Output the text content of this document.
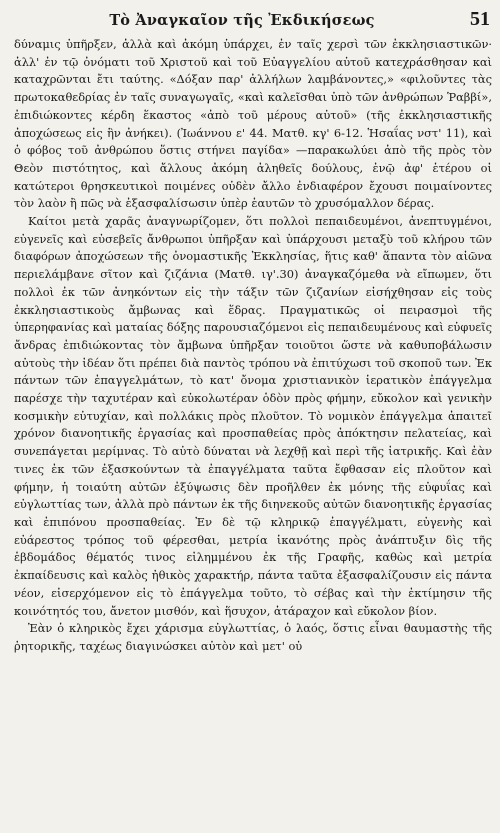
Τὸ Ἀναγκαῖον τῆς Ἐκδικήσεως	51

δύναμις ὑπῆρξεν, ἀλλὰ καὶ ἀκόμη ὑπάρχει, ἐν ταῖς χερσὶ τῶν ἐκκλησιαστικῶν· ἀλλ' ἐν τῷ ὀνόματι τοῦ Χριστοῦ καὶ τοῦ Εὐαγγελίου αὐτοῦ κατεχράσθησαν καὶ καταχρῶνται ἔτι ταύτης. «Δόξαν παρ' ἀλλήλων λαμβάνοντες,» «φιλοῦντες τὰς πρωτοκαθεδρίας ἐν ταῖς συναγωγαῖς, «καὶ καλεῖσθαι ὑπὸ τῶν ἀνθρώπων Ῥαββί», ἐπιδιώκοντες κέρδη ἕκαστος «ἀπὸ τοῦ μέρους αὐτοῦ» (τῆς ἐκκλησιαστικῆς ἀποχώσεως εἰς ἣν ἀνήκει). (Ἰωάννου ε' 44. Ματθ. κγ' 6-12. Ἡσαΐας νστ' 11), καὶ ὁ φόβος τοῦ ἀνθρώπου ὅστις στήνει παγίδα» —παρακωλύει ἀπὸ τῆς πρὸς τὸν Θεὸν πιστότητος, καὶ ἄλλους ἀκόμη ἀληθεῖς δούλους, ἐνῷ ἀφ' ἑτέρου οἱ κατώτεροι θρησκευτικοὶ ποιμένες οὐδὲν ἄλλο ἐνδιαφέρον ἔχουσι ποιμαίνοντες τὸν λαὸν ἢ πῶς νὰ ἐξασφαλίσωσιν ὑπὲρ ἑαυτῶν τὸ χρυσόμαλλον δέρας.

Καίτοι μετὰ χαρᾶς ἀναγνωρίζομεν, ὅτι πολλοὶ πεπαιδευμένοι, ἀνεπτυγμένοι, εὐγενεῖς καὶ εὐσεβεῖς ἄνθρωποι ὑπῆρξαν καὶ ὑπάρχουσι μεταξὺ τοῦ κλήρου τῶν διαφόρων ἀποχώσεων τῆς ὀνομαστικῆς Ἐκκλησίας, ἥτις καθ' ἅπαντα τὸν αἰῶνα περιελάμβανε σῖτον καὶ ζιζάνια (Ματθ. ιγ'.30) ἀναγκαζόμεθα νὰ εἴπωμεν, ὅτι πολλοὶ ἐκ τῶν ἀνηκόντων εἰς τὴν τάξιν τῶν ζιζανίων εἰσήχθησαν εἰς τοὺς ἐκκλησιαστικοὺς ἄμβωνας καὶ ἕδρας. Πραγματικῶς οἱ πειρασμοὶ τῆς ὑπερηφανίας καὶ ματαίας δόξης παρουσιαζόμενοι εἰς πεπαιδευμένους καὶ εὐφυεῖς ἄνδρας ἐπιδιώκοντας τὸν ἄμβωνα ὑπῆρξαν τοιοῦτοι ὥστε νὰ καθυποβάλωσιν αὐτοὺς τὴν ἰδέαν ὅτι πρέπει διὰ παντὸς τρόπου νὰ ἐπιτύχωσι τοῦ σκοποῦ των. Ἐκ πάντων τῶν ἐπαγγελμάτων, τὸ κατ' ὄνομα χριστιανικὸν ἱερατικὸν ἐπάγγελμα παρέσχε τὴν ταχυτέραν καὶ εὐκολωτέραν ὁδὸν πρὸς φήμην, εὔκολον καὶ γενικὴν κοσμικὴν εὐτυχίαν, καὶ πολλάκις πρὸς πλοῦτον. Τὸ νομικὸν ἐπάγγελμα ἀπαιτεῖ χρόνον διανοητικῆς ἐργασίας καὶ προσπαθείας πρὸς ἀπόκτησιν πελατείας, καὶ συνεπάγεται μερίμνας. Τὸ αὐτὸ δύναται νὰ λεχθῇ καὶ περὶ τῆς ἰατρικῆς. Καὶ ἐὰν τινες ἐκ τῶν ἐξασκούντων τὰ ἐπαγγέλματα ταῦτα ἔφθασαν εἰς πλοῦτον καὶ φήμην, ἡ τοιαύτη αὐτῶν ἐξύψωσις δὲν προῆλθεν ἐκ μόνης τῆς εὐφυΐας καὶ εὐγλωττίας των, ἀλλὰ πρὸ πάντων ἐκ τῆς διηνεκοῦς αὐτῶν διανοητικῆς ἐργασίας καὶ ἐπιπόνου προσπαθείας. Ἐν δὲ τῷ κληρικῷ ἐπαγγέλματι, εὐγενὴς καὶ εὐάρεστος τρόπος τοῦ φέρεσθαι, μετρία ἱκανότης πρὸς ἀνάπτυξιν δὶς τῆς ἑβδομάδος θέματός τινος εἰλημμένου ἐκ τῆς Γραφῆς, καθὼς καὶ μετρία ἐκπαίδευσις καὶ καλὸς ἠθικὸς χαρακτήρ, πάντα ταῦτα ἐξασφαλίζουσιν εἰς πάντα νέον, εἰσερχόμενον εἰς τὸ ἐπάγγελμα τοῦτο, τὸ σέβας καὶ τὴν ἐκτίμησιν τῆς κοινότητός του, ἄνετον μισθόν, καὶ ἥσυχον, ἀτάραχον καὶ εὔκολον βίον.

Ἐὰν ὁ κληρικὸς ἔχει χάρισμα εὐγλωττίας, ὁ λαός, ὅστις εἶναι θαυμαστὴς τῆς ῥητορικῆς, ταχέως διαγινώσκει αὐτὸν καὶ μετ' οὐ
